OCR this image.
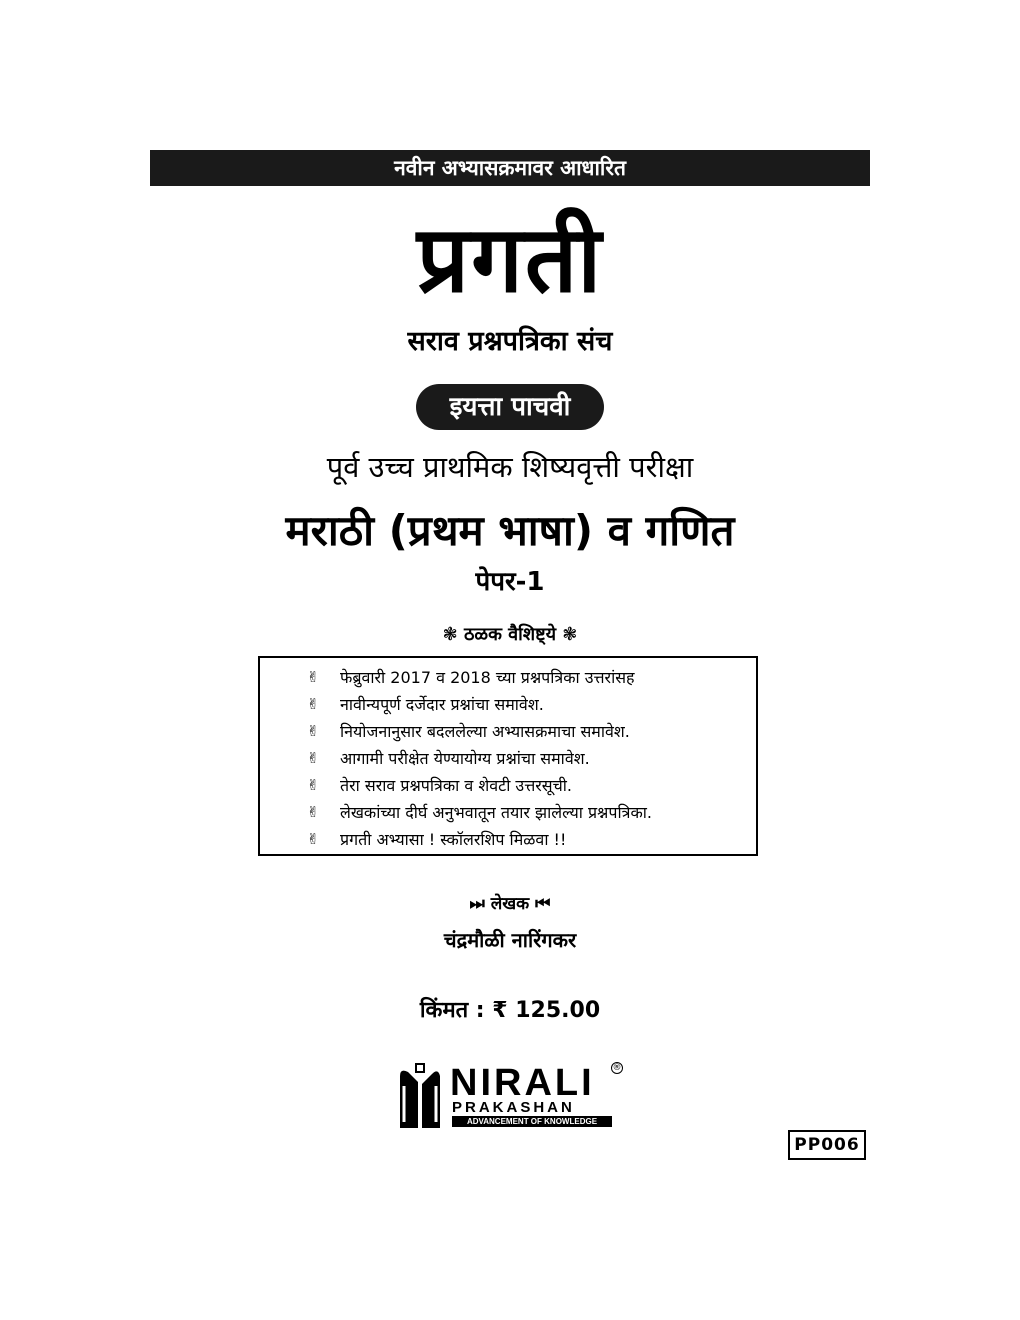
नवीन अभ्यासक्रमावर आधारित
प्रगती
सराव प्रश्नपत्रिका संच
इयत्ता पाचवी
पूर्व उच्च प्राथमिक शिष्यवृत्ती परीक्षा
मराठी (प्रथम भाषा) व गणित
पेपर-1
❃ ठळक वैशिष्ट्ये ❃
✌	फेब्रुवारी 2017 व 2018 च्या प्रश्नपत्रिका उत्तरांसह
✌	नावीन्यपूर्ण दर्जेदार प्रश्नांचा समावेश.
✌	नियोजनानुसार बदललेल्या अभ्यासक्रमाचा समावेश.
✌	आगामी परीक्षेत येण्यायोग्य प्रश्नांचा समावेश.
✌	तेरा सराव प्रश्नपत्रिका व शेवटी उत्तरसूची.
✌	लेखकांच्या दीर्घ अनुभवातून तयार झालेल्या प्रश्नपत्रिका.
✌	प्रगती अभ्यासा ! स्कॉलरशिप मिळवा !!
⏭ लेखक ⏮
चंद्रमौळी नारिंगकर
किंमत : ₹ 125.00
NIRALI ®
PRAKASHAN
ADVANCEMENT OF KNOWLEDGE
PP006
